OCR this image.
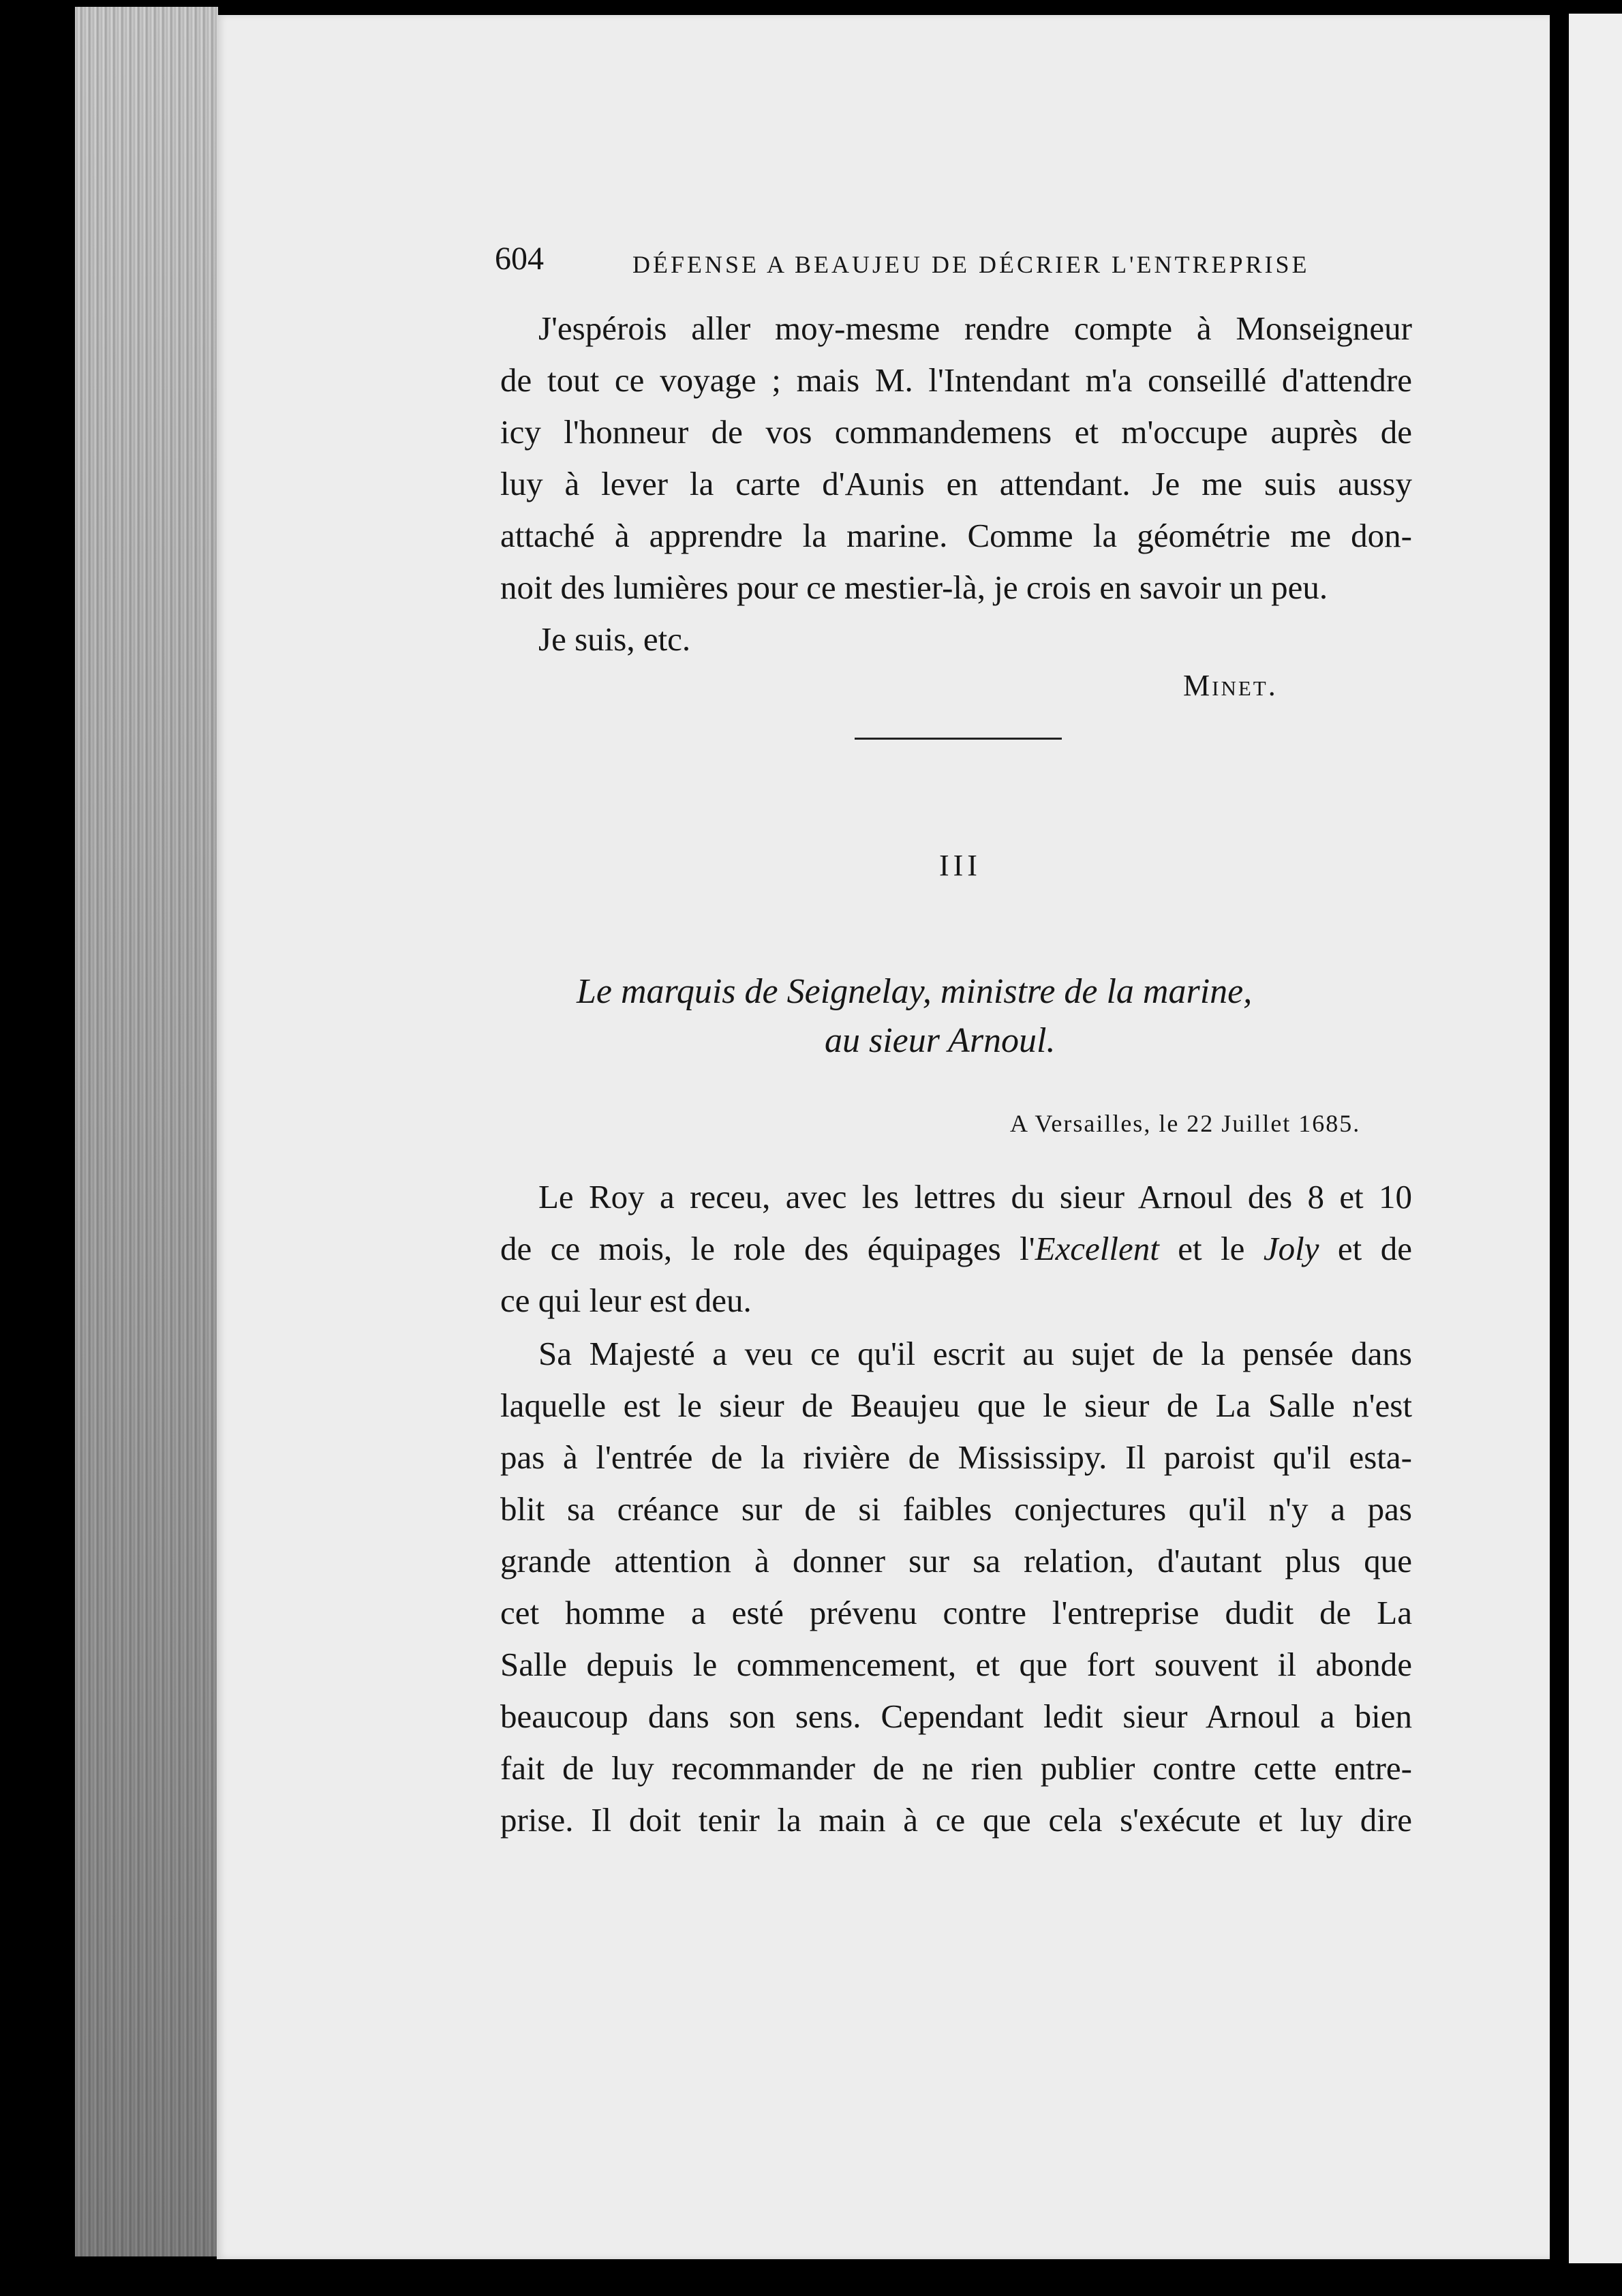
604	DÉFENSE A BEAUJEU DE DÉCRIER L'ENTREPRISE
J'espérois aller moy-mesme rendre compte à Monseigneur
de tout ce voyage ; mais M. l'Intendant m'a conseillé d'attendre
icy l'honneur de vos commandemens et m'occupe auprès de
luy à lever la carte d'Aunis en attendant. Je me suis aussy
attaché à apprendre la marine. Comme la géométrie me don-
noit des lumières pour ce mestier-là, je crois en savoir un peu.
Je suis, etc.
Minet.
III
Le marquis de Seignelay, ministre de la marine,
au sieur Arnoul.
A Versailles, le 22 Juillet 1685.
Le Roy a receu, avec les lettres du sieur Arnoul des 8 et 10
de ce mois, le role des équipages l'Excellent et le Joly et de
ce qui leur est deu.
Sa Majesté a veu ce qu'il escrit au sujet de la pensée dans
laquelle est le sieur de Beaujeu que le sieur de La Salle n'est
pas à l'entrée de la rivière de Mississipy. Il paroist qu'il esta-
blit sa créance sur de si faibles conjectures qu'il n'y a pas
grande attention à donner sur sa relation, d'autant plus que
cet homme a esté prévenu contre l'entreprise dudit de La
Salle depuis le commencement, et que fort souvent il abonde
beaucoup dans son sens. Cependant ledit sieur Arnoul a bien
fait de luy recommander de ne rien publier contre cette entre-
prise. Il doit tenir la main à ce que cela s'exécute et luy dire
